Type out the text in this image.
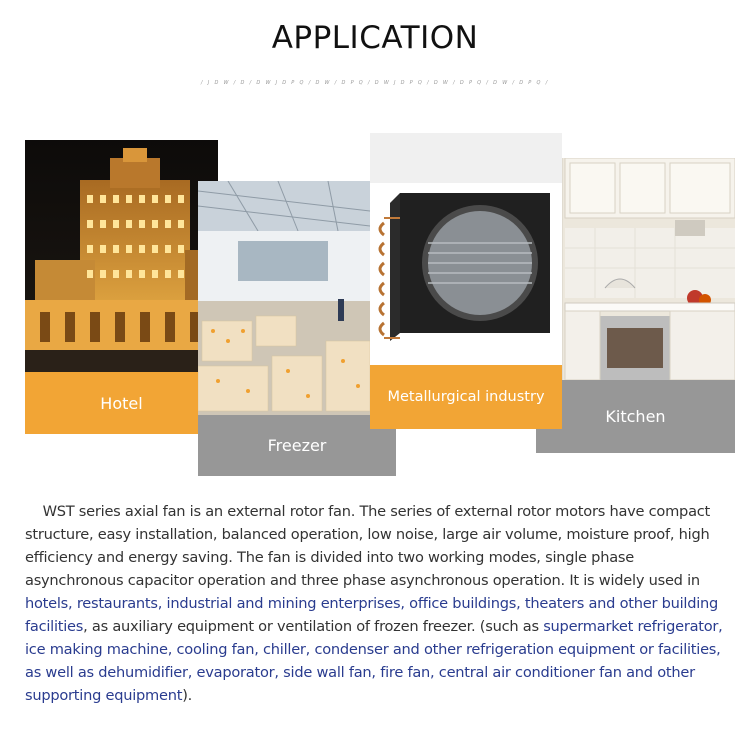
APPLICATION
/ J D W / D / D W J D P Q / D W / D P Q / D W J D P Q / D W / D P Q / D W / D P Q /
Kitchen
Hotel
Freezer
Metallurgical industry
WST series axial fan is an external rotor fan. The series of external rotor motors have compact structure, easy installation, balanced operation, low noise, large air volume, moisture proof, high efficiency and energy saving. The fan is divided into two working modes, single phase asynchronous capacitor operation and three phase asynchronous operation. It is widely used in hotels, restaurants, industrial and mining enterprises, office buildings, theaters and other building facilities, as auxiliary equipment or ventilation of frozen freezer. (such as supermarket refrigerator, ice making machine, cooling fan, chiller, condenser and other refrigeration equipment or facilities, as well as dehumidifier, evaporator, side wall fan, fire fan, central air conditioner fan and other supporting equipment).
